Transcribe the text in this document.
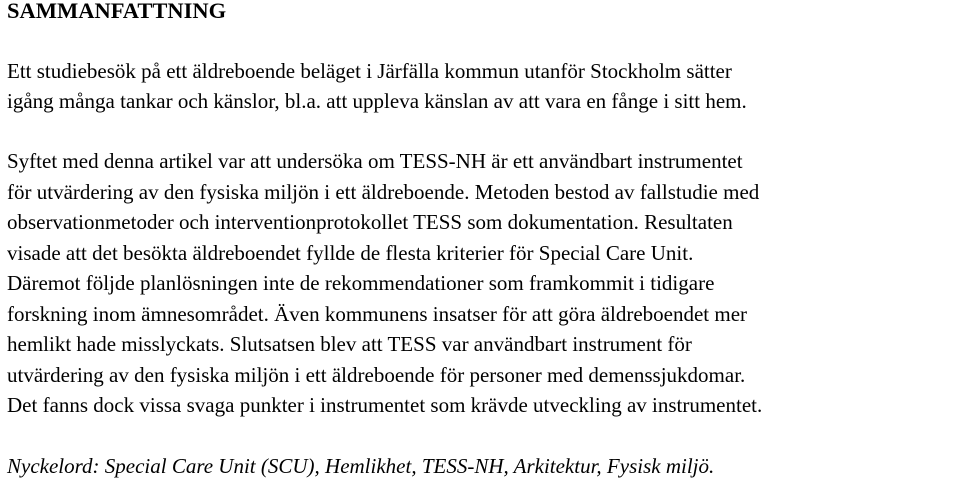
SAMMANFATTNING

Ett studiebesök på ett äldreboende beläget i Järfälla kommun utanför Stockholm sätter

igång många tankar och känslor, bl.a. att uppleva känslan av att vara en fånge i sitt hem.

Syftet med denna artikel var att undersöka om TESS-NH är ett användbart instrumentet

för utvärdering av den fysiska miljön i ett äldreboende. Metoden bestod av fallstudie med

observationmetoder och interventionprotokollet TESS som dokumentation. Resultaten

visade att det besökta äldreboendet fyllde de flesta kriterier för Special Care Unit.

Däremot följde planlösningen inte de rekommendationer som framkommit i tidigare

forskning inom ämnesområdet. Även kommunens insatser för att göra äldreboendet mer

hemlikt hade misslyckats. Slutsatsen blev att TESS var användbart instrument för

utvärdering av den fysiska miljön i ett äldreboende för personer med demenssjukdomar.

Det fanns dock vissa svaga punkter i instrumentet som krävde utveckling av instrumentet.

Nyckelord: Special Care Unit (SCU), Hemlikhet, TESS-NH, Arkitektur, Fysisk miljö.
